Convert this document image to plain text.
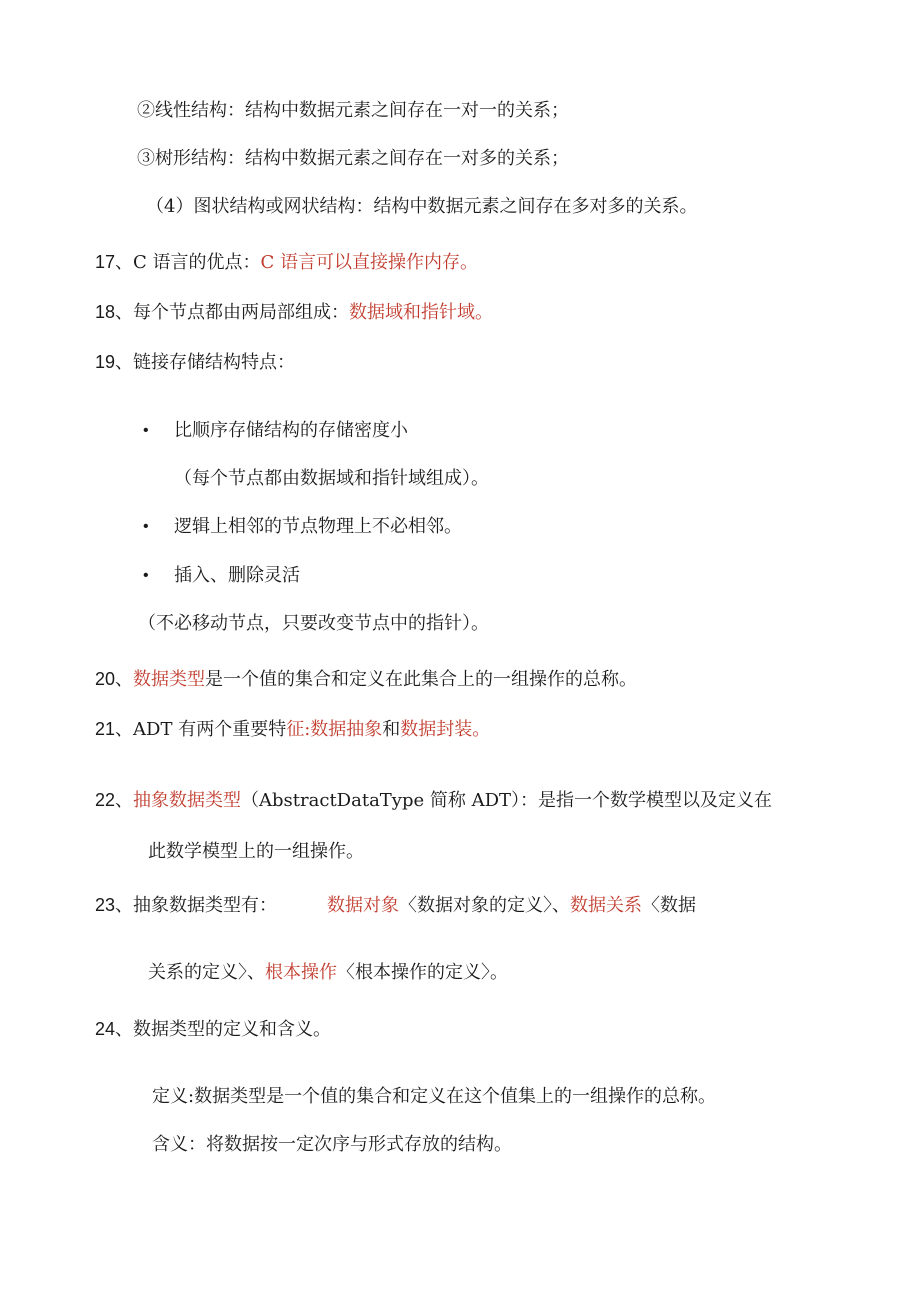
②线性结构：结构中数据元素之间存在一对一的关系；
③树形结构：结构中数据元素之间存在一对多的关系；
（4）图状结构或网状结构：结构中数据元素之间存在多对多的关系。
17、C 语言的优点：C 语言可以直接操作内存。
18、每个节点都由两局部组成：数据域和指针域。
19、链接存储结构特点：
• 比顺序存储结构的存储密度小
（每个节点都由数据域和指针域组成）。
• 逻辑上相邻的节点物理上不必相邻。
• 插入、删除灵活
（不必移动节点，只要改变节点中的指针）。
20、数据类型是一个值的集合和定义在此集合上的一组操作的总称。
21、ADT 有两个重要特征:数据抽象和数据封装。
22、抽象数据类型（AbstractDataType 简称 ADT）：是指一个数学模型以及定义在
此数学模型上的一组操作。
23、抽象数据类型有：	数据对象〈数据对象的定义〉、数据关系〈数据
关系的定义〉、根本操作〈根本操作的定义〉。
24、数据类型的定义和含义。
定义:数据类型是一个值的集合和定义在这个值集上的一组操作的总称。
含义：将数据按一定次序与形式存放的结构。
